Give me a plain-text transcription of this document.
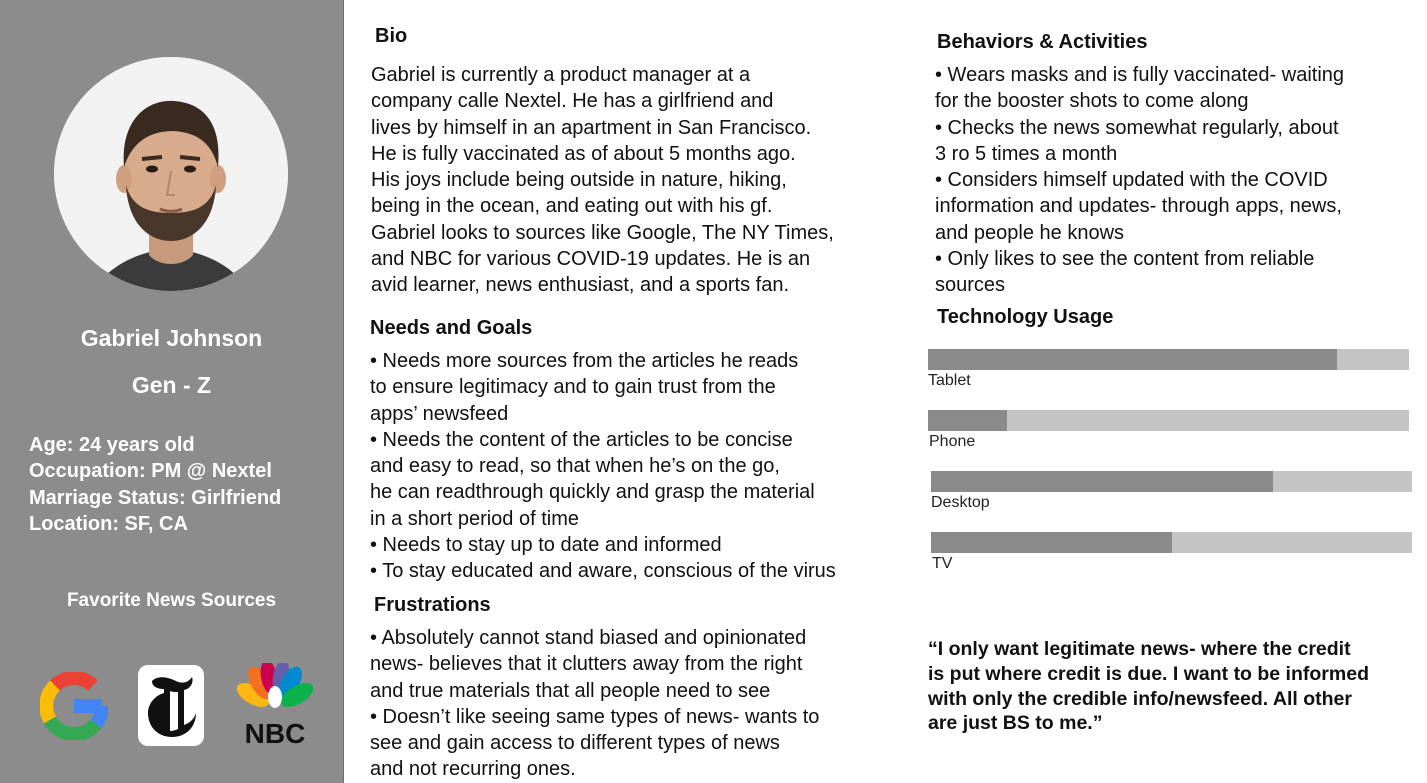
Gabriel Johnson
Gen - Z
Age: 24 years old
Occupation: PM @ Nextel
Marriage Status: Girlfriend
Location: SF, CA
Favorite News Sources
NBC
Bio
Gabriel is currently a product manager at a
company calle Nextel. He has a girlfriend and
lives by himself in an apartment in San Francisco.
He is fully vaccinated as of about 5 months ago.
His joys include being outside in nature, hiking,
being in the ocean, and eating out with his gf.
Gabriel looks to sources like Google, The NY Times,
and NBC for various COVID-19 updates. He is an
avid learner, news enthusiast, and a sports fan.
Needs and Goals
• Needs more sources from the articles he reads
to ensure legitimacy and to gain trust from the
apps’ newsfeed
• Needs the content of the articles to be concise
and easy to read, so that when he’s on the go,
he can readthrough quickly and grasp the material
in a short period of time
• Needs to stay up to date and informed
• To stay educated and aware, conscious of the virus
Frustrations
• Absolutely cannot stand biased and opinionated
news- believes that it clutters away from the right
and true materials that all people need to see
• Doesn’t like seeing same types of news- wants to
see and gain access to different types of news
and not recurring ones.
Behaviors & Activities
• Wears masks and is fully vaccinated- waiting
for the booster shots to come along
• Checks the news somewhat regularly, about
3 ro 5 times a month
• Considers himself updated with the COVID
information and updates- through apps, news,
and people he knows
• Only likes to see the content from reliable
sources
Technology Usage
Tablet
Phone
Desktop
TV
“I only want legitimate news- where the credit
is put where credit is due. I want to be informed
with only the credible info/newsfeed. All other
are just BS to me.”
